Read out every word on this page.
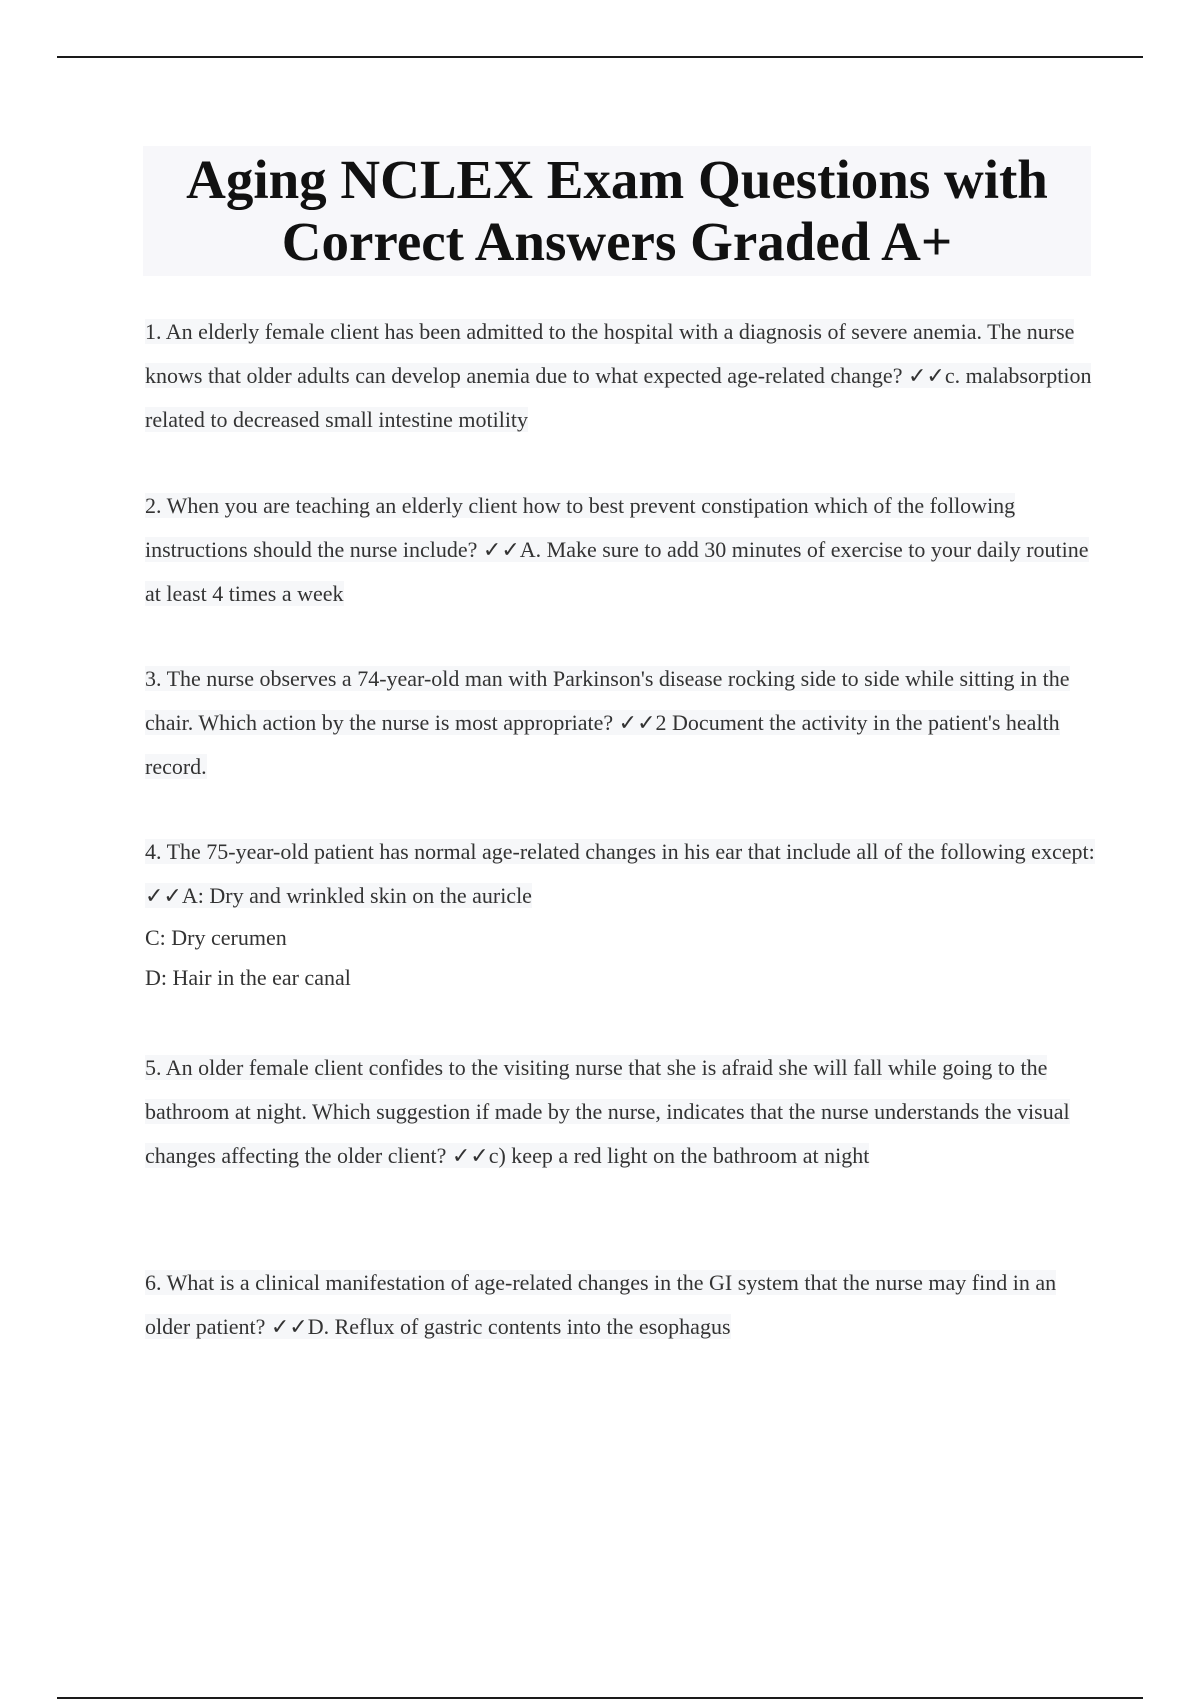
Aging NCLEX Exam Questions with
Correct Answers Graded A+
1. An elderly female client has been admitted to the hospital with a diagnosis of severe anemia. The nurse knows that older adults can develop anemia due to what expected age-related change? ✓✓c. malabsorption related to decreased small intestine motility
2. When you are teaching an elderly client how to best prevent constipation which of the following instructions should the nurse include? ✓✓A. Make sure to add 30 minutes of exercise to your daily routine at least 4 times a week
3. The nurse observes a 74-year-old man with Parkinson's disease rocking side to side while sitting in the chair. Which action by the nurse is most appropriate? ✓✓2 Document the activity in the patient's health record.
4. The 75-year-old patient has normal age-related changes in his ear that include all of the following except: ✓✓A: Dry and wrinkled skin on the auricle
C: Dry cerumen
D: Hair in the ear canal
5. An older female client confides to the visiting nurse that she is afraid she will fall while going to the bathroom at night. Which suggestion if made by the nurse, indicates that the nurse understands the visual changes affecting the older client? ✓✓c) keep a red light on the bathroom at night
6. What is a clinical manifestation of age-related changes in the GI system that the nurse may find in an older patient? ✓✓D. Reflux of gastric contents into the esophagus
